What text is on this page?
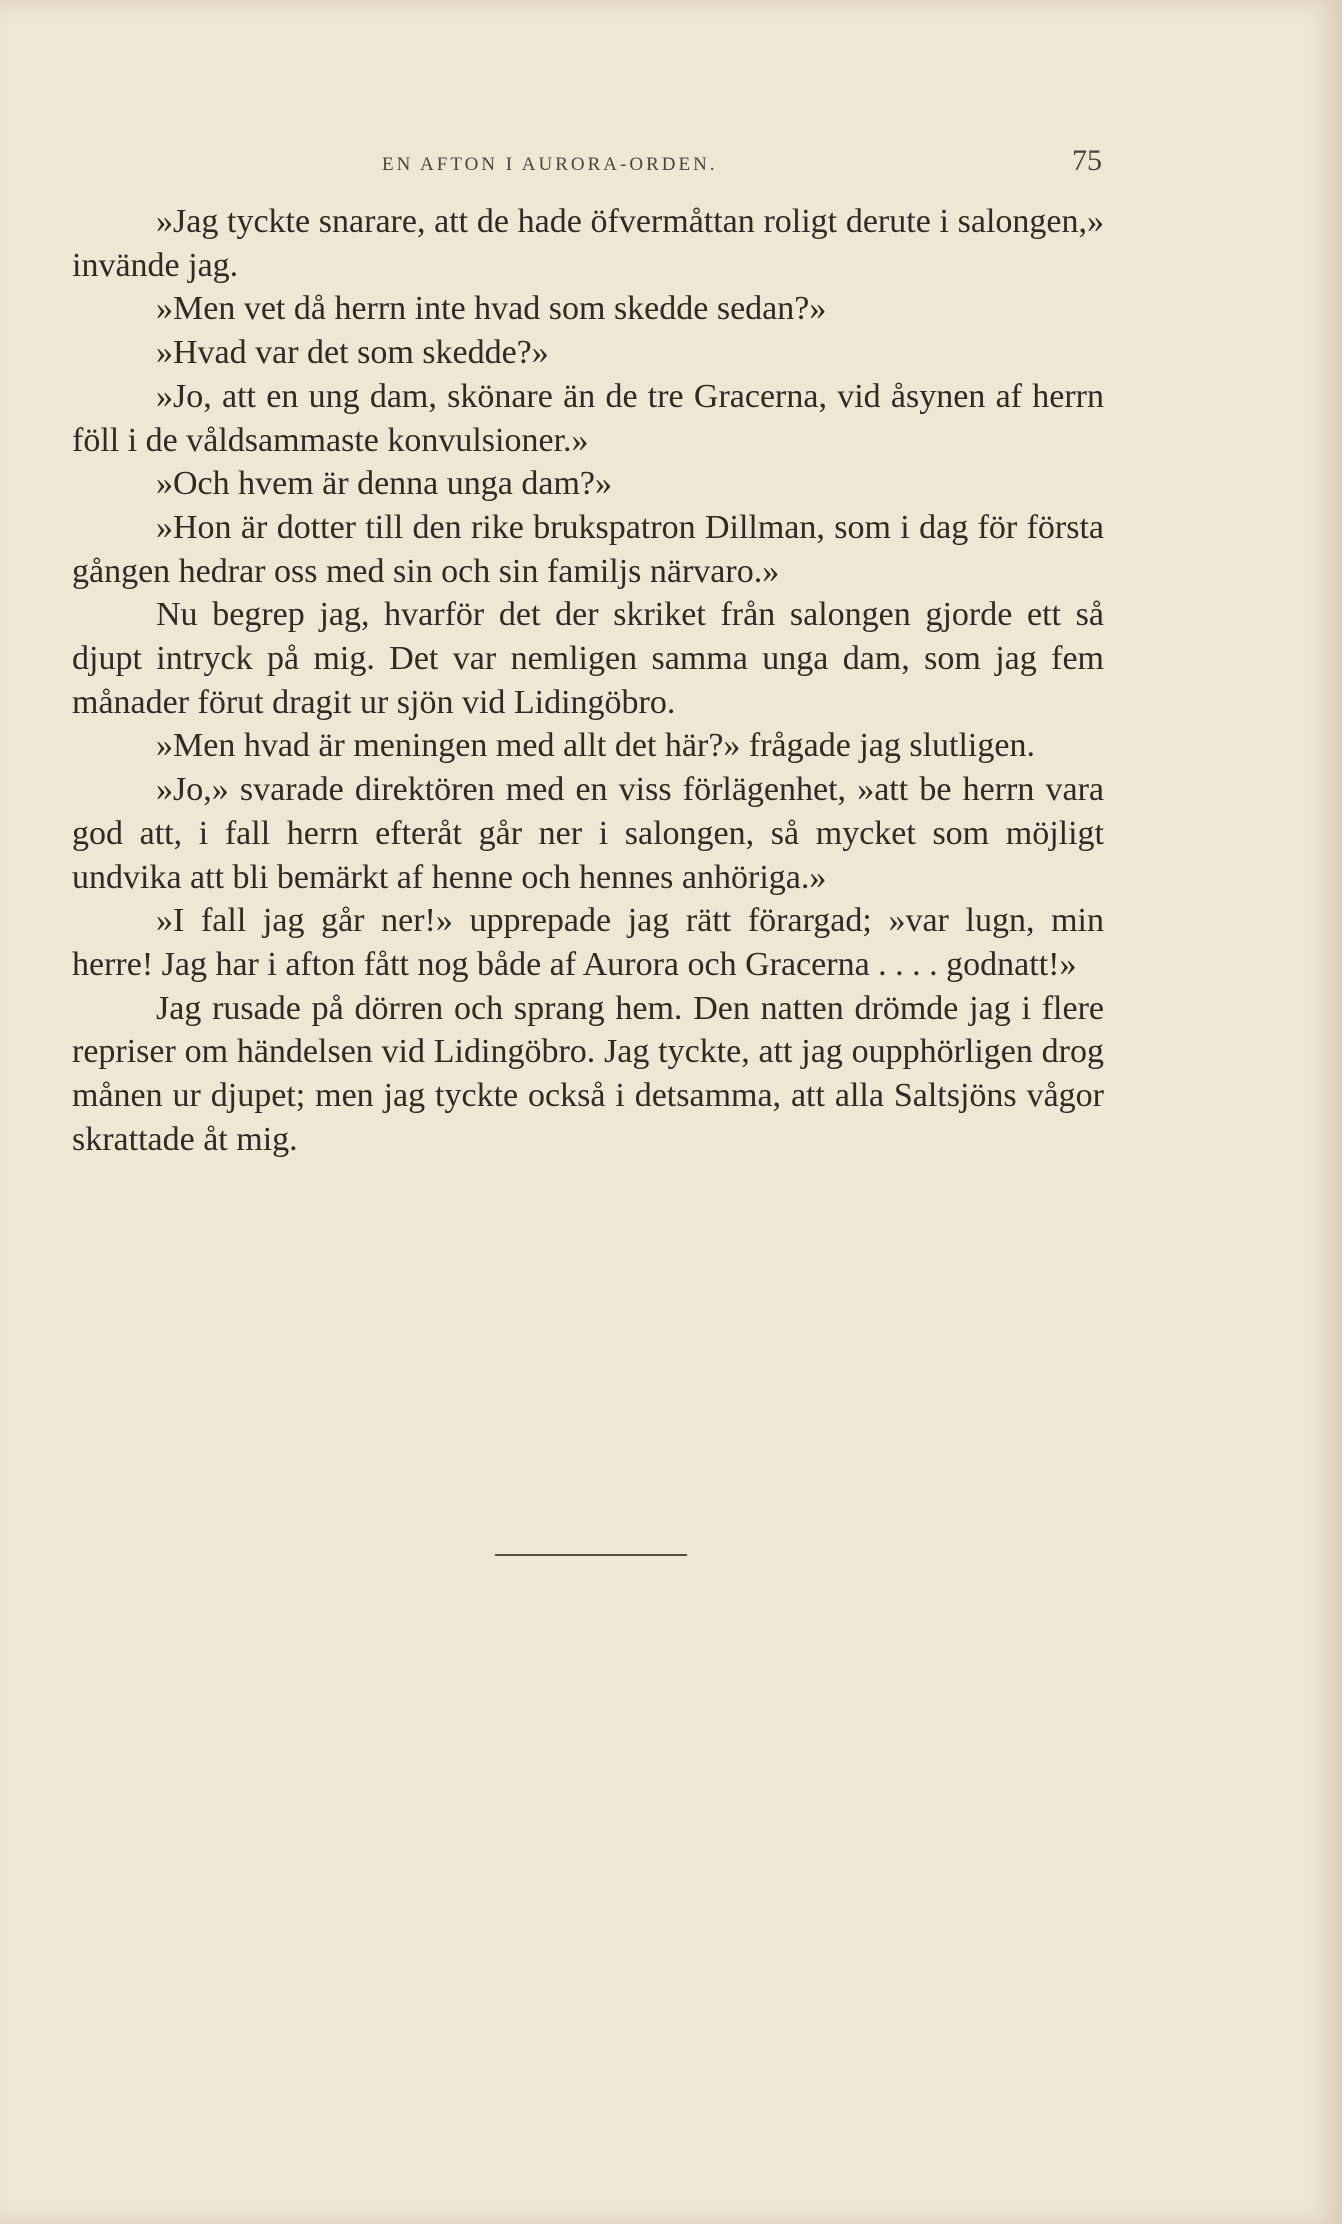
EN AFTON I AURORA-ORDEN.	75

»Jag tyckte snarare, att de hade öfvermåttan roligt derute i salongen,» invände jag.

»Men vet då herrn inte hvad som skedde sedan?»

»Hvad var det som skedde?»

»Jo, att en ung dam, skönare än de tre Gracerna, vid åsynen af herrn föll i de våldsammaste konvulsioner.»

»Och hvem är denna unga dam?»

»Hon är dotter till den rike brukspatron Dillman, som i dag för första gången hedrar oss med sin och sin familjs närvaro.»

Nu begrep jag, hvarför det der skriket från salongen gjorde ett så djupt intryck på mig. Det var nemligen samma unga dam, som jag fem månader förut dragit ur sjön vid Lidingöbro.

»Men hvad är meningen med allt det här?» frågade jag slutligen.

»Jo,» svarade direktören med en viss förlägenhet, »att be herrn vara god att, i fall herrn efteråt går ner i salongen, så mycket som möjligt undvika att bli bemärkt af henne och hennes anhöriga.»

»I fall jag går ner!» upprepade jag rätt förargad; »var lugn, min herre! Jag har i afton fått nog både af Aurora och Gracerna . . . . godnatt!»

Jag rusade på dörren och sprang hem. Den natten drömde jag i flere repriser om händelsen vid Lidingöbro. Jag tyckte, att jag oupphörligen drog månen ur djupet; men jag tyckte också i detsamma, att alla Saltsjöns vågor skrattade åt mig.
